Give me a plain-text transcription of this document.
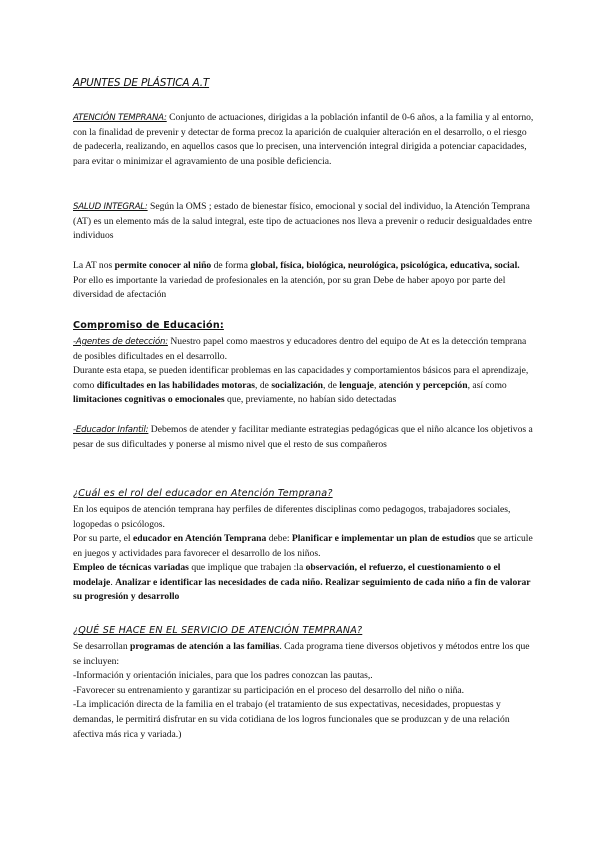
APUNTES DE PLÁSTICA A.T
ATENCIÓN TEMPRANA: Conjunto de actuaciones, dirigidas a la población infantil de 0-6 años, a la familia y al entorno, con la finalidad de prevenir y detectar de forma precoz la aparición de cualquier alteración en el desarrollo, o el riesgo de padecerla, realizando, en aquellos casos que lo precisen, una intervención integral dirigida a potenciar capacidades, para evitar o minimizar el agravamiento de una posible deficiencia.
SALUD INTEGRAL: Según la OMS ; estado de bienestar físico, emocional y social del individuo, la Atención Temprana (AT) es un elemento más de la salud integral, este tipo de actuaciones nos lleva a prevenir o reducir desigualdades entre individuos
La AT nos permite conocer al niño de forma global, física, biológica, neurológica, psicológica, educativa, social. Por ello es importante la variedad de profesionales en la atención, por su gran Debe de haber apoyo por parte del diversidad de afectación
Compromiso de Educación:
-Agentes de detección: Nuestro papel como maestros y educadores dentro del equipo de At es la detección temprana de posibles dificultades en el desarrollo.
Durante esta etapa, se pueden identificar problemas en las capacidades y comportamientos básicos para el aprendizaje, como dificultades en las habilidades motoras, de socialización, de lenguaje, atención y percepción, así como limitaciones cognitivas o emocionales que, previamente, no habían sido detectadas
-Educador Infantil: Debemos de atender y facilitar mediante estrategias pedagógicas que el niño alcance los objetivos a pesar de sus dificultades y ponerse al mismo nivel que el resto de sus compañeros
¿Cuál es el rol del educador en Atención Temprana?
En los equipos de atención temprana hay perfiles de diferentes disciplinas como pedagogos, trabajadores sociales, logopedas o psicólogos.
Por su parte, el educador en Atención Temprana debe: Planificar e implementar un plan de estudios que se articule en juegos y actividades para favorecer el desarrollo de los niños.
Empleo de técnicas variadas que implique que trabajen :la observación, el refuerzo, el cuestionamiento o el modelaje. Analizar e identificar las necesidades de cada niño. Realizar seguimiento de cada niño a fin de valorar su progresión y desarrollo
¿QUÉ SE HACE EN EL SERVICIO DE ATENCIÓN TEMPRANA?
Se desarrollan programas de atención a las familias. Cada programa tiene diversos objetivos y métodos entre los que se incluyen:
-Información y orientación iniciales, para que los padres conozcan las pautas,.
-Favorecer su entrenamiento y garantizar su participación en el proceso del desarrollo del niño o niña.
-La implicación directa de la familia en el trabajo (el tratamiento de sus expectativas, necesidades, propuestas y demandas, le permitirá disfrutar en su vida cotidiana de los logros funcionales que se produzcan y de una relación afectiva más rica y variada.)
